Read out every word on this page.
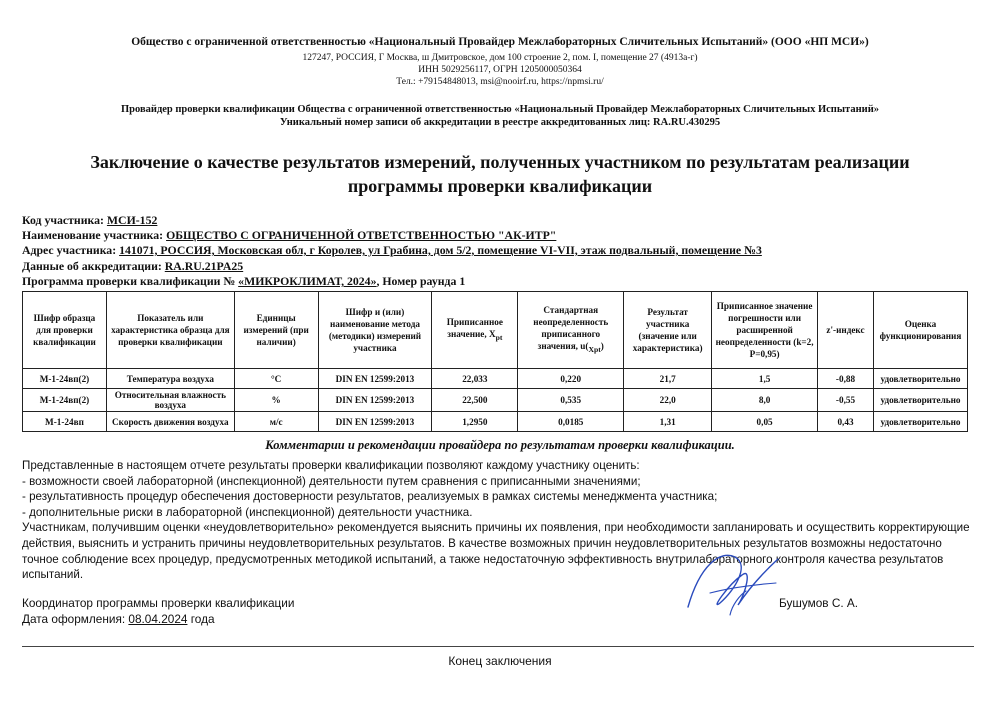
Общество с ограниченной ответственностью «Национальный Провайдер Межлабораторных Сличительных Испытаний» (ООО «НП МСИ»)
127247, РОССИЯ, Г Москва, ш Дмитровское, дом 100 строение 2, пом. I, помещение 27 (4913а-г)
ИНН 5029256117, ОГРН 1205000050364
Тел.: +79154848013, msi@nooirf.ru, https://npmsi.ru/
Провайдер проверки квалификации Общества с ограниченной ответственностью «Национальный Провайдер Межлабораторных Сличительных Испытаний»
Уникальный номер записи об аккредитации в реестре аккредитованных лиц: RA.RU.430295
Заключение о качестве результатов измерений, полученных участником по результатам реализации
программы проверки квалификации
Код участника: МСИ-152
Наименование участника: ОБЩЕСТВО С ОГРАНИЧЕННОЙ ОТВЕТСТВЕННОСТЬЮ "АК-ИТР"
Адрес участника: 141071, РОССИЯ, Московская обл, г Королев, ул Грабина, дом 5/2, помещение VI-VII, этаж подвальный, помещение №3
Данные об аккредитации: RA.RU.21PA25
Программа проверки квалификации № «МИКРОКЛИМАТ, 2024», Номер раунда 1
Шифр образца для проверки квалификации	Показатель или характеристика образца для проверки квалификации	Единицы измерений (при наличии)	Шифр и (или) наименование метода (методики) измерений участника	Приписанное значение, $X_{pt}$	Стандартная неопределенность приписанного значения, $u(_{Xpt})$	Результат участника (значение или характеристика)	Приписанное значение погрешности или расширенной неопределенности (k=2, P=0,95)	z'-индекс	Оценка функционирования
М-1-24вп(2)	Температура воздуха	°C	DIN EN 12599:2013	22,033	0,220	21,7	1,5	-0,88	удовлетворительно
М-1-24вп(2)	Относительная влажность воздуха	%	DIN EN 12599:2013	22,500	0,535	22,0	8,0	-0,55	удовлетворительно
М-1-24вп	Скорость движения воздуха	м/с	DIN EN 12599:2013	1,2950	0,0185	1,31	0,05	0,43	удовлетворительно
Комментарии и рекомендации провайдера по результатам проверки квалификации.

Представленные в настоящем отчете результаты проверки квалификации позволяют каждому участнику оценить:

- возможности своей лабораторной (инспекционной) деятельности путем сравнения с приписанными значениями;

- результативность процедур обеспечения достоверности результатов, реализуемых в рамках системы менеджмента участника;

- дополнительные риски в лабораторной (инспекционной) деятельности участника.

Участникам, получившим оценки «неудовлетворительно» рекомендуется выяснить причины их появления, при необходимости запланировать и осуществить корректирующие действия, выяснить и устранить причины неудовлетворительных результатов. В качестве возможных причин неудовлетворительных результатов возможны недостаточно точное соблюдение всех процедур, предусмотренных методикой испытаний, а также недостаточную эффективность внутрилабораторного контроля качества результатов испытаний.

Координатор программы проверки квалификации	Бушумов С. А.
Дата оформления: 08.04.2024 года
Конец заключения
